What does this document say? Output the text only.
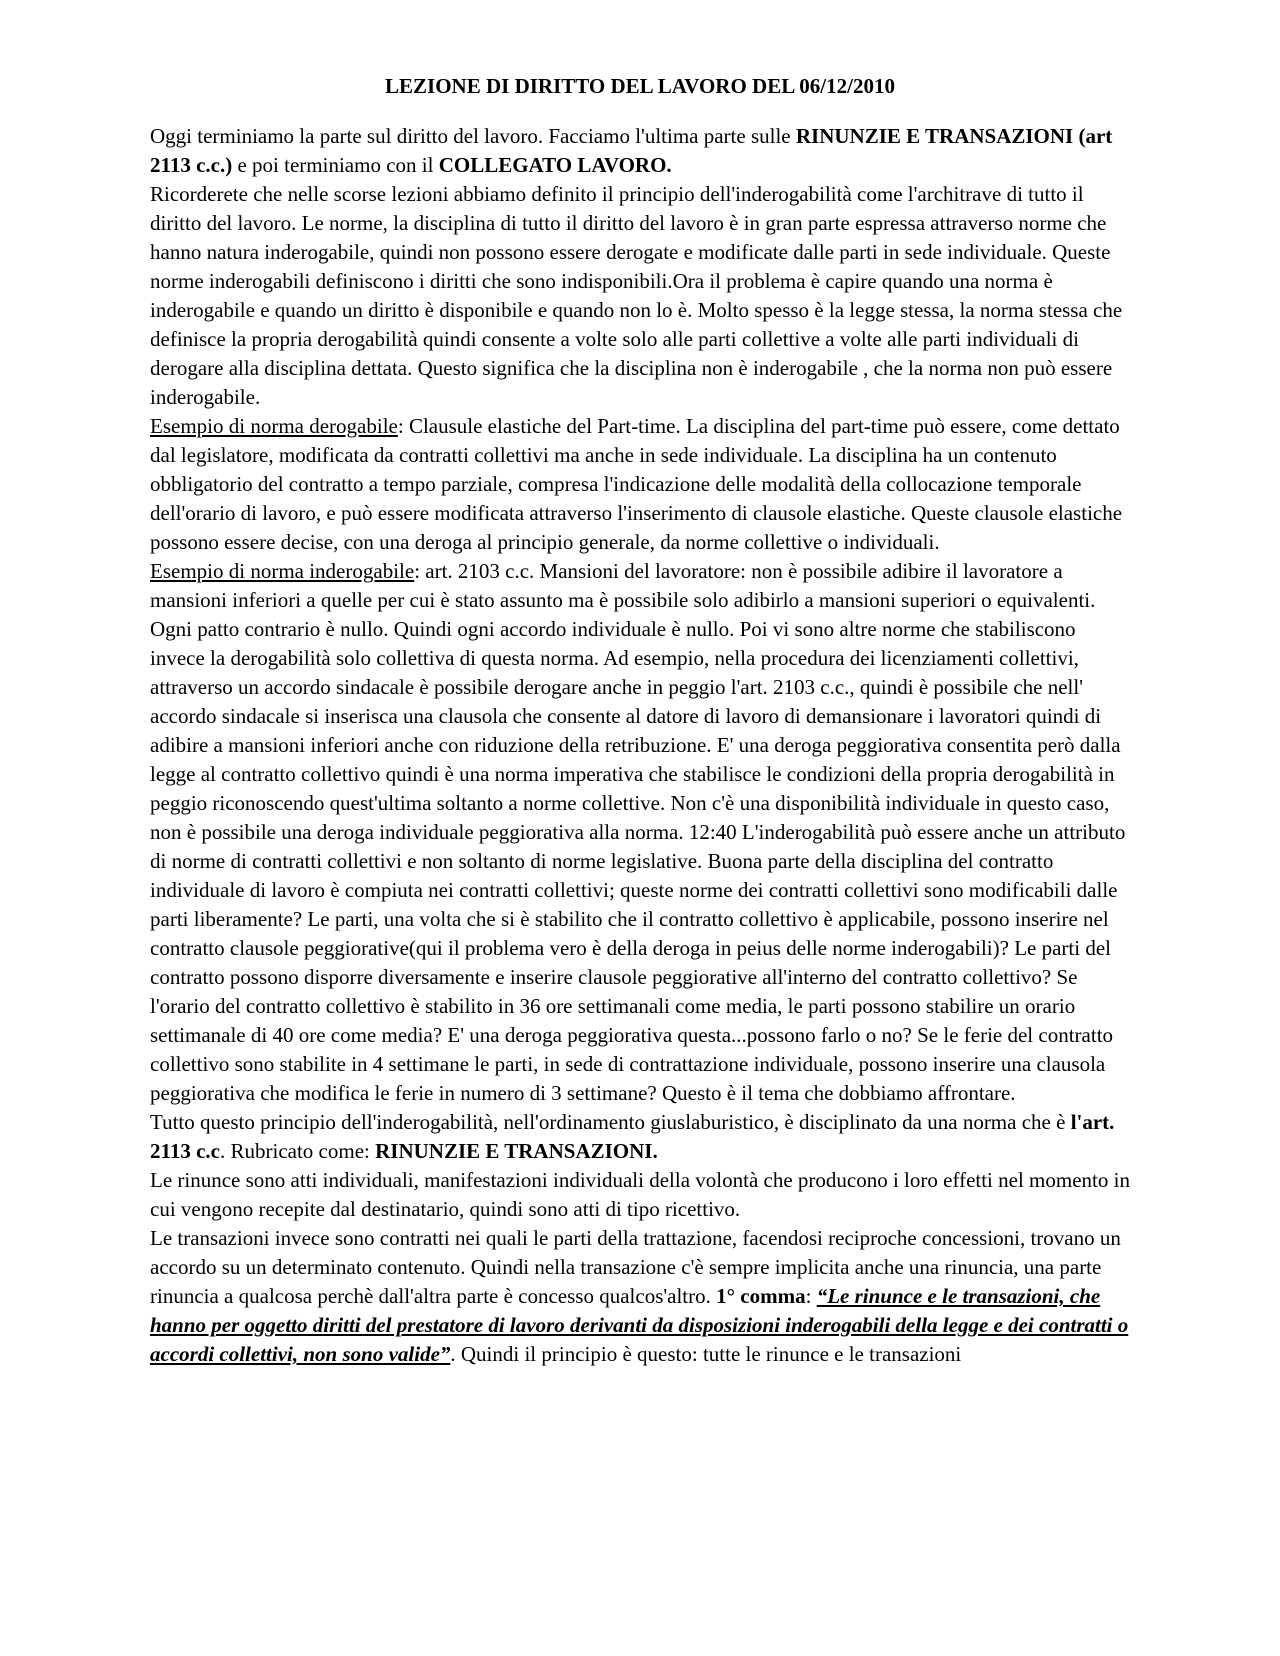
LEZIONE DI DIRITTO DEL LAVORO DEL 06/12/2010

Oggi terminiamo la parte sul diritto del lavoro. Facciamo l'ultima parte sulle RINUNZIE E TRANSAZIONI (art 2113 c.c.) e poi terminiamo con il COLLEGATO LAVORO.

Ricorderete che nelle scorse lezioni abbiamo definito il principio dell'inderogabilità come l'architrave di tutto il diritto del lavoro. Le norme, la disciplina di tutto il diritto del lavoro è in gran parte espressa attraverso norme che hanno natura inderogabile, quindi non possono essere derogate e modificate dalle parti in sede individuale. Queste norme inderogabili definiscono i diritti che sono indisponibili.Ora il problema è capire quando una norma è inderogabile e quando un diritto è disponibile e quando non lo è. Molto spesso è la legge stessa, la norma stessa che definisce la propria derogabilità quindi consente a volte solo alle parti collettive a volte alle parti individuali di derogare alla disciplina dettata. Questo significa che la disciplina non è inderogabile , che la norma non può essere inderogabile.

Esempio di norma derogabile: Clausule elastiche del Part-time. La disciplina del part-time può essere, come dettato dal legislatore, modificata da contratti collettivi ma anche in sede individuale. La disciplina ha un contenuto obbligatorio del contratto a tempo parziale, compresa l'indicazione delle modalità della collocazione temporale dell'orario di lavoro, e può essere modificata attraverso l'inserimento di clausole elastiche. Queste clausole elastiche possono essere decise, con una deroga al principio generale, da norme collettive o individuali.

Esempio di norma inderogabile: art. 2103 c.c. Mansioni del lavoratore: non è possibile adibire il lavoratore a mansioni inferiori a quelle per cui è stato assunto ma è possibile solo adibirlo a mansioni superiori o equivalenti. Ogni patto contrario è nullo. Quindi ogni accordo individuale è nullo. Poi vi sono altre norme che stabiliscono invece la derogabilità solo collettiva di questa norma. Ad esempio, nella procedura dei licenziamenti collettivi, attraverso un accordo sindacale è possibile derogare anche in peggio l'art. 2103 c.c., quindi è possibile che nell' accordo sindacale si inserisca una clausola che consente al datore di lavoro di demansionare i lavoratori quindi di adibire a mansioni inferiori anche con riduzione della retribuzione. E' una deroga peggiorativa consentita però dalla legge al contratto collettivo quindi è una norma imperativa che stabilisce le condizioni della propria derogabilità in peggio riconoscendo quest'ultima soltanto a norme collettive. Non c'è una disponibilità individuale in questo caso, non è possibile una deroga individuale peggiorativa alla norma. 12:40 L'inderogabilità può essere anche un attributo di norme di contratti collettivi e non soltanto di norme legislative. Buona parte della disciplina del contratto individuale di lavoro è compiuta nei contratti collettivi; queste norme dei contratti collettivi sono modificabili dalle parti liberamente? Le parti, una volta che si è stabilito che il contratto collettivo è applicabile, possono inserire nel contratto clausole peggiorative(qui il problema vero è della deroga in peius delle norme inderogabili)? Le parti del contratto possono disporre diversamente e inserire clausole peggiorative all'interno del contratto collettivo? Se l'orario del contratto collettivo è stabilito in 36 ore settimanali come media, le parti possono stabilire un orario settimanale di 40 ore come media? E' una deroga peggiorativa questa...possono farlo o no? Se le ferie del contratto collettivo sono stabilite in 4 settimane le parti, in sede di contrattazione individuale, possono inserire una clausola peggiorativa che modifica le ferie in numero di 3 settimane? Questo è il tema che dobbiamo affrontare.

Tutto questo principio dell'inderogabilità, nell'ordinamento giuslaburistico, è disciplinato da una norma che è l'art. 2113 c.c. Rubricato come: RINUNZIE E TRANSAZIONI.

Le rinunce sono atti individuali, manifestazioni individuali della volontà che producono i loro effetti nel momento in cui vengono recepite dal destinatario, quindi sono atti di tipo ricettivo.

Le transazioni invece sono contratti nei quali le parti della trattazione, facendosi reciproche concessioni, trovano un accordo su un determinato contenuto. Quindi nella transazione c'è sempre implicita anche una rinuncia, una parte rinuncia a qualcosa perchè dall'altra parte è concesso qualcos'altro. 1° comma: “Le rinunce e le transazioni, che hanno per oggetto diritti del prestatore di lavoro derivanti da disposizioni inderogabili della legge e dei contratti o accordi collettivi, non sono valide”. Quindi il principio è questo: tutte le rinunce e le transazioni
